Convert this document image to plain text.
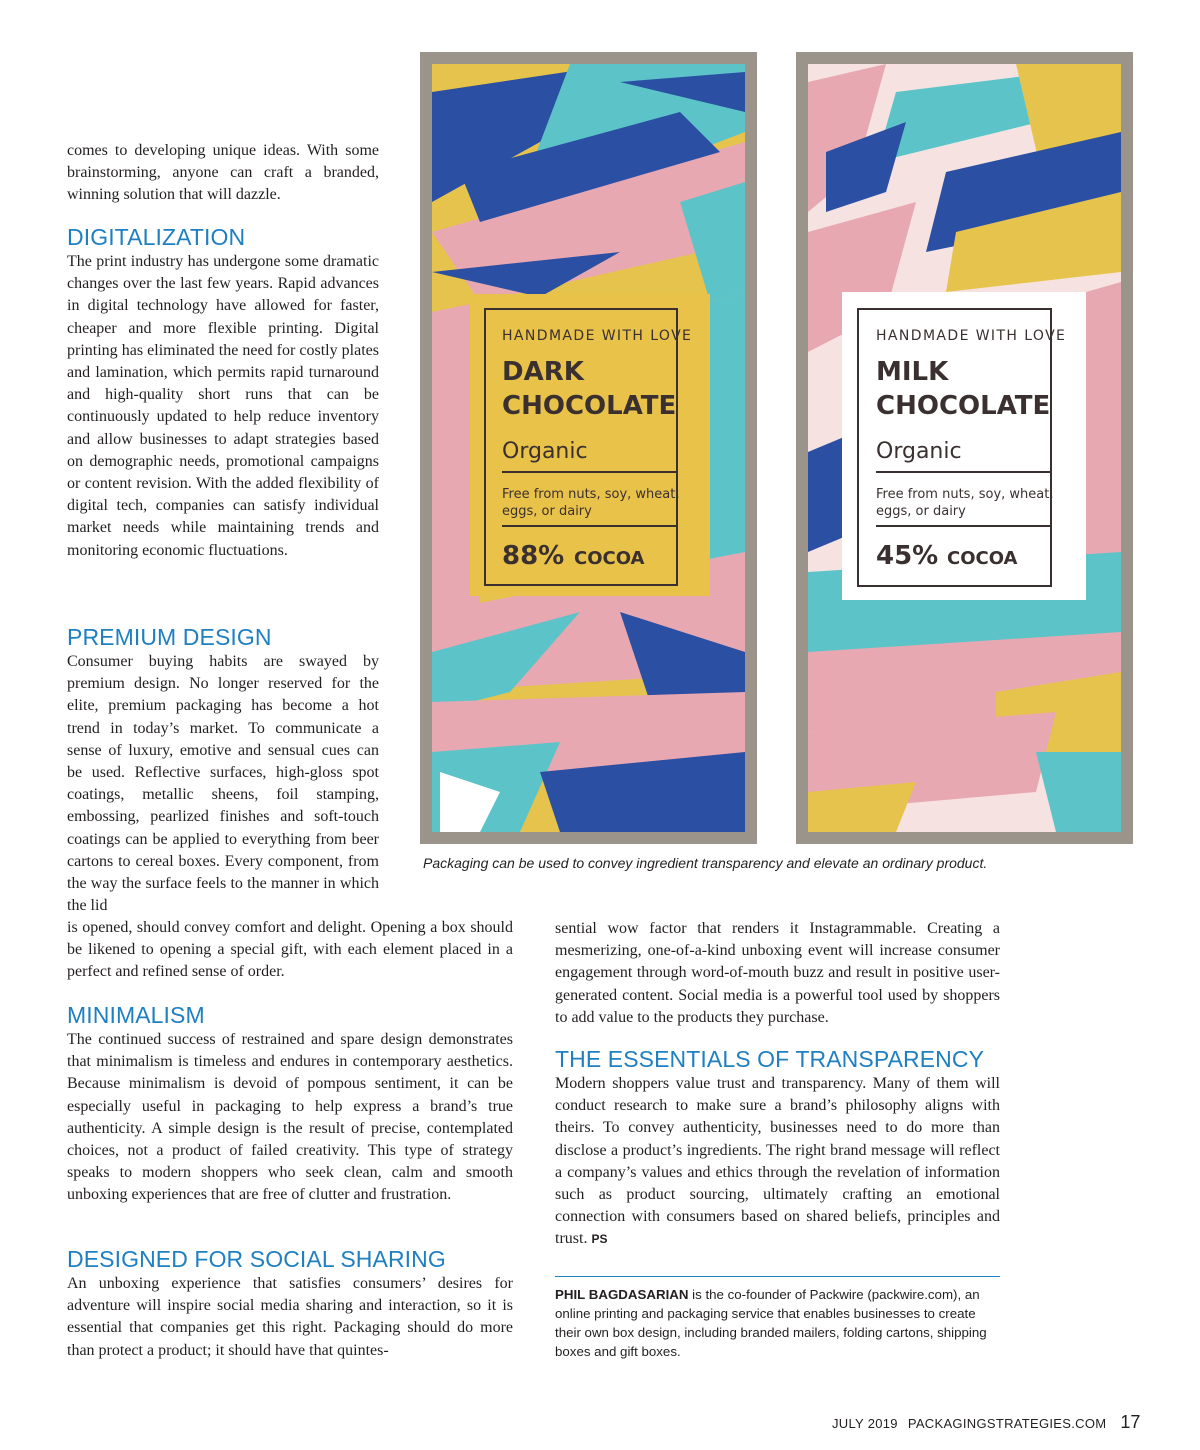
comes to developing unique ideas. With some brainstorming, anyone can craft a branded, winning solution that will dazzle.

DIGITALIZATION

The print industry has undergone some dramatic changes over the last few years. Rapid advances in digital technology have allowed for faster, cheaper and more flexible printing. Digital printing has eliminated the need for costly plates and lamination, which permits rapid turnaround and high-quality short runs that can be continuously updated to help reduce inventory and allow businesses to adapt strategies based on demographic needs, promotional campaigns or content revision. With the added flexibility of digital tech, companies can satisfy individual market needs while maintaining trends and monitoring economic fluctuations.

PREMIUM DESIGN

Consumer buying habits are swayed by premium design. No longer reserved for the elite, premium packaging has become a hot trend in today’s market. To communicate a sense of luxury, emotive and sensual cues can be used. Reflective surfaces, high-gloss spot coatings, metallic sheens, foil stamping, embossing, pearlized finishes and soft-touch coatings can be applied to everything from beer cartons to cereal boxes. Every component, from the way the surface feels to the manner in which the lid

is opened, should convey comfort and delight. Opening a box should be likened to opening a special gift, with each element placed in a perfect and refined sense of order.

MINIMALISM

The continued success of restrained and spare design demonstrates that minimalism is timeless and endures in contemporary aesthetics. Because minimalism is devoid of pompous sentiment, it can be especially useful in packaging to help express a brand’s true authenticity. A simple design is the result of precise, contemplated choices, not a product of failed creativity. This type of strategy speaks to modern shoppers who seek clean, calm and smooth unboxing experiences that are free of clutter and frustration.

DESIGNED FOR SOCIAL SHARING

An unboxing experience that satisfies consumers’ desires for adventure will inspire social media sharing and interaction, so it is essential that companies get this right. Packaging should do more than protect a product; it should have that quintes-

sential wow factor that renders it Instagrammable. Creating a mesmerizing, one-of-a-kind unboxing event will increase consumer engagement through word-of-mouth buzz and result in positive user-generated content. Social media is a powerful tool used by shoppers to add value to the products they purchase.

THE ESSENTIALS OF TRANSPARENCY

Modern shoppers value trust and transparency. Many of them will conduct research to make sure a brand’s philosophy aligns with theirs. To convey authenticity, businesses need to do more than disclose a product’s ingredients. The right brand message will reflect a company’s values and ethics through the revelation of information such as product sourcing, ultimately crafting an emotional connection with consumers based on shared beliefs, principles and trust. PS

PHIL BAGDASARIAN is the co-founder of Packwire (packwire.com), an online printing and packaging service that enables businesses to create their own box design, including branded mailers, folding cartons, shipping boxes and gift boxes.

HANDMADE WITH LOVE
DARK
CHOCOLATE
Organic
Free from nuts, soy, wheat,
eggs, or dairy
88% COCOA
HANDMADE WITH LOVE
MILK
CHOCOLATE
Organic
Free from nuts, soy, wheat,
eggs, or dairy
45% COCOA
Packaging can be used to convey ingredient transparency and elevate an ordinary product.
JULY 2019 PACKAGINGSTRATEGIES.COM 17
